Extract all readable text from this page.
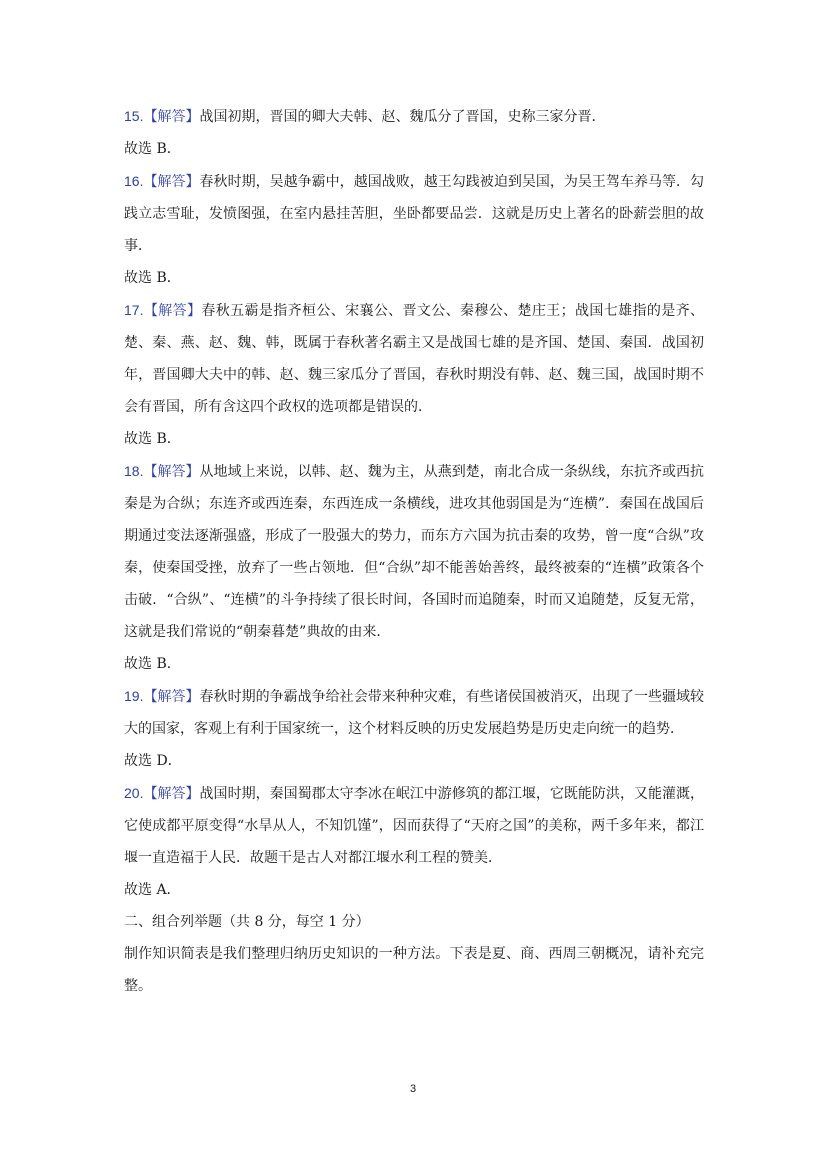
15.【解答】战国初期，晋国的卿大夫韩、赵、魏瓜分了晋国，史称三家分晋．

故选 B．

16.【解答】春秋时期，吴越争霸中，越国战败，越王勾践被迫到吴国，为吴王驾车养马等．勾践立志雪耻，发愤图强，在室内悬挂苦胆，坐卧都要品尝．这就是历史上著名的卧薪尝胆的故事．

故选 B．

17.【解答】春秋五霸是指齐桓公、宋襄公、晋文公、秦穆公、楚庄王；战国七雄指的是齐、楚、秦、燕、赵、魏、韩，既属于春秋著名霸主又是战国七雄的是齐国、楚国、秦国．战国初年，晋国卿大夫中的韩、赵、魏三家瓜分了晋国，春秋时期没有韩、赵、魏三国，战国时期不会有晋国，所有含这四个政权的选项都是错误的．

故选 B．

18.【解答】从地域上来说，以韩、赵、魏为主，从燕到楚，南北合成一条纵线，东抗齐或西抗秦是为合纵；东连齐或西连秦，东西连成一条横线，进攻其他弱国是为“连横”．秦国在战国后期通过变法逐渐强盛，形成了一股强大的势力，而东方六国为抗击秦的攻势，曾一度“合纵”攻秦，使秦国受挫，放弃了一些占领地．但“合纵”却不能善始善终，最终被秦的“连横”政策各个击破．“合纵”、“连横”的斗争持续了很长时间，各国时而追随秦，时而又追随楚，反复无常，这就是我们常说的“朝秦暮楚”典故的由来．

故选 B．

19.【解答】春秋时期的争霸战争给社会带来种种灾难，有些诸侯国被消灭，出现了一些疆域较大的国家，客观上有利于国家统一，这个材料反映的历史发展趋势是历史走向统一的趋势．

故选 D．

20.【解答】战国时期，秦国蜀郡太守李冰在岷江中游修筑的都江堰，它既能防洪，又能灌溉，它使成都平原变得“水旱从人，不知饥馑”，因而获得了“天府之国”的美称，两千多年来，都江堰一直造福于人民．故题干是古人对都江堰水利工程的赞美．

故选 A．

二、组合列举题（共 8 分，每空 1 分）

制作知识简表是我们整理归纳历史知识的一种方法。下表是夏、商、西周三朝概况，请补充完整。

3
